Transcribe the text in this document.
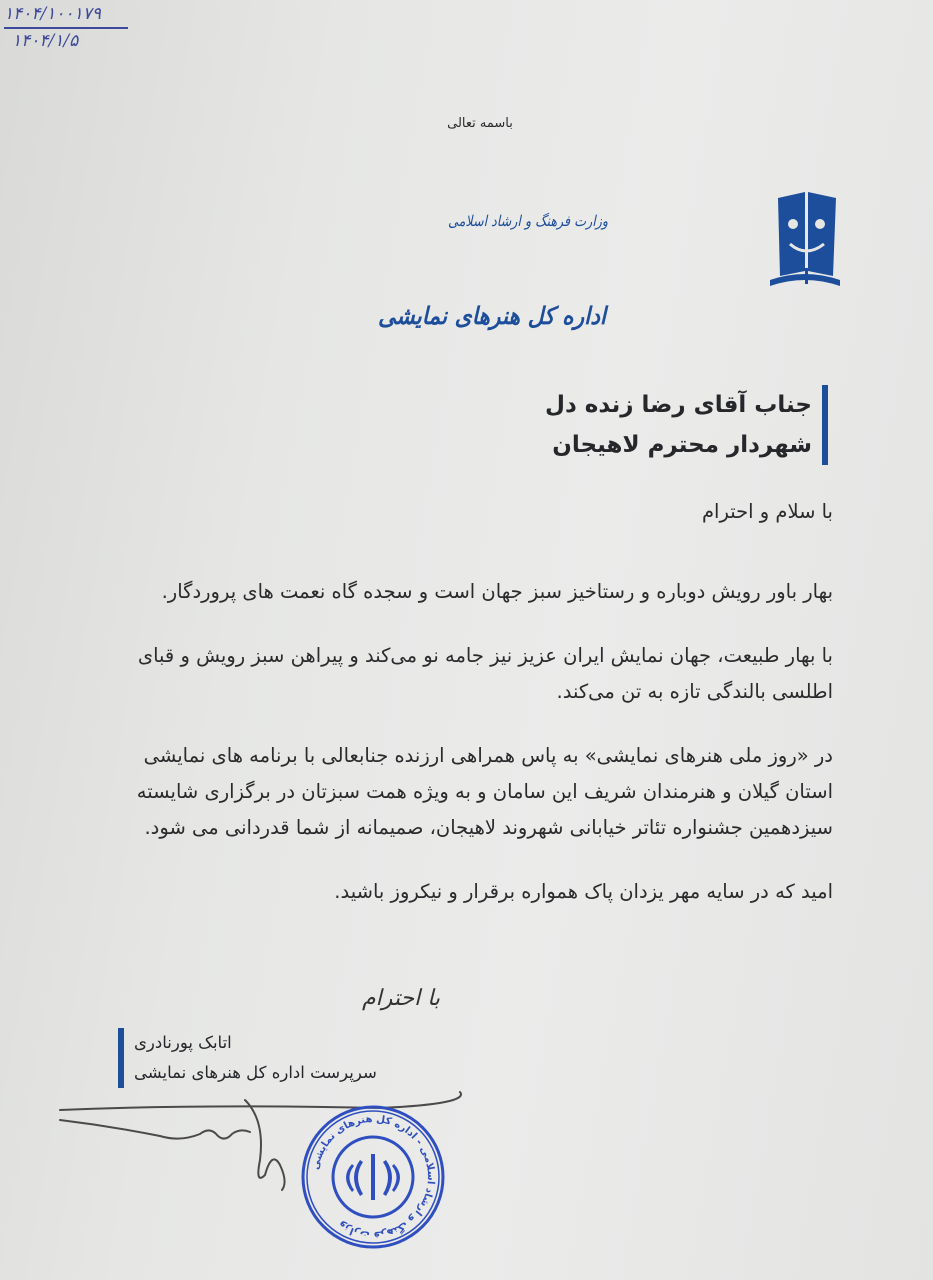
۱۴۰۴/۱۰۰۱۷۹
۱۴۰۴/۱/۵
باسمه تعالی
وزارت فرهنگ و ارشاد اسلامی
اداره کل هنرهای نمایشی
جناب آقای رضا زنده دل
شهردار محترم لاهیجان
با سلام و احترام
بهار باور رویش دوباره و رستاخیز سبز جهان است و سجده گاه نعمت های پروردگار.
با بهار طبیعت، جهان نمایش ایران عزیز نیز جامه نو می‌کند و پیراهن سبز رویش و قبای
اطلسی بالندگی تازه به تن می‌کند.
در «روز ملی هنرهای نمایشی» به پاس همراهی ارزنده جنابعالی با برنامه‌ های نمایشی
استان گیلان و هنرمندان شریف این سامان و به ویژه همت سبزتان در برگزاری شایسته
سیزدهمین جشنواره تئاتر خیابانی شهروند لاهیجان، صمیمانه از شما قدردانی می شود.
امید که در سایه مهر یزدان پاک همواره برقرار و نیکروز باشید.
با احترام
اتابک پورنادری
سرپرست اداره کل هنرهای نمایشی
وزارت فرهنگ و ارشاد اسلامی - اداره کل هنرهای نمایشی
